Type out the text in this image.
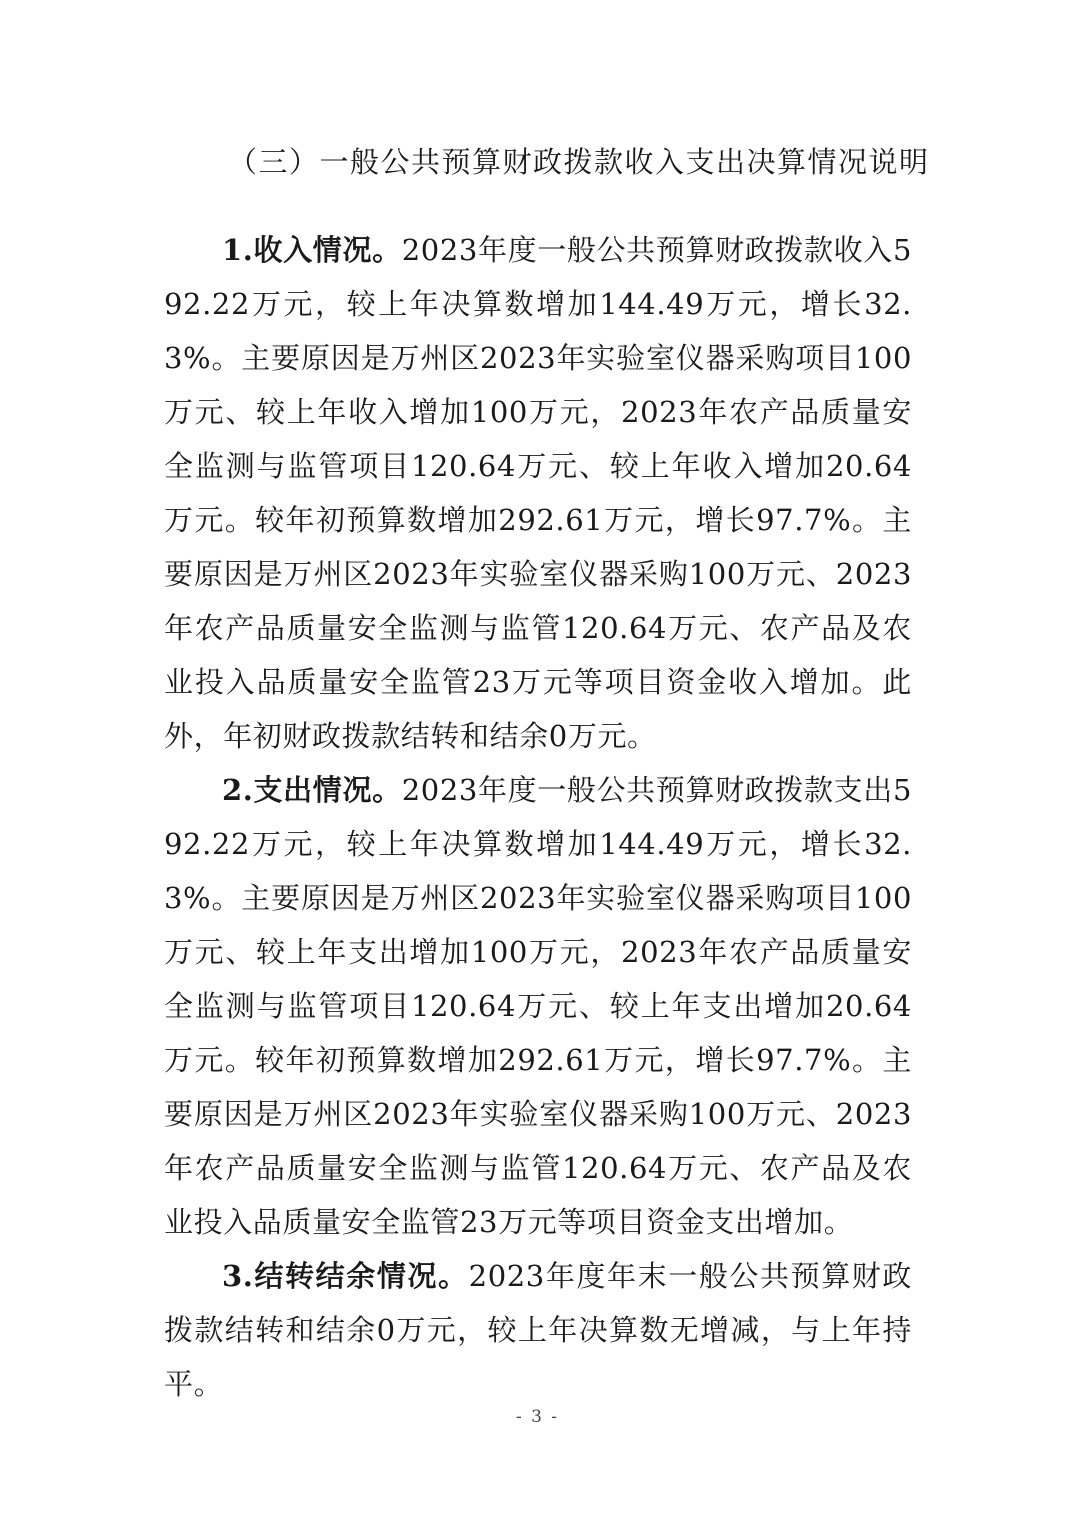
（三）一般公共预算财政拨款收入支出决算情况说明

1.收入情况。2023年度一般公共预算财政拨款收入592.22万元，较上年决算数增加144.49万元，增长32.3%。主要原因是万州区2023年实验室仪器采购项目100万元、较上年收入增加100万元，2023年农产品质量安全监测与监管项目120.64万元、较上年收入增加20.64万元。较年初预算数增加292.61万元，增长97.7%。主要原因是万州区2023年实验室仪器采购100万元、2023年农产品质量安全监测与监管120.64万元、农产品及农业投入品质量安全监管23万元等项目资金收入增加。此外，年初财政拨款结转和结余0万元。

2.支出情况。2023年度一般公共预算财政拨款支出592.22万元，较上年决算数增加144.49万元，增长32.3%。主要原因是万州区2023年实验室仪器采购项目100万元、较上年支出增加100万元，2023年农产品质量安全监测与监管项目120.64万元、较上年支出增加20.64万元。较年初预算数增加292.61万元，增长97.7%。主要原因是万州区2023年实验室仪器采购100万元、2023年农产品质量安全监测与监管120.64万元、农产品及农业投入品质量安全监管23万元等项目资金支出增加。

3.结转结余情况。2023年度年末一般公共预算财政拨款结转和结余0万元，较上年决算数无增减，与上年持平。

- 3 -
